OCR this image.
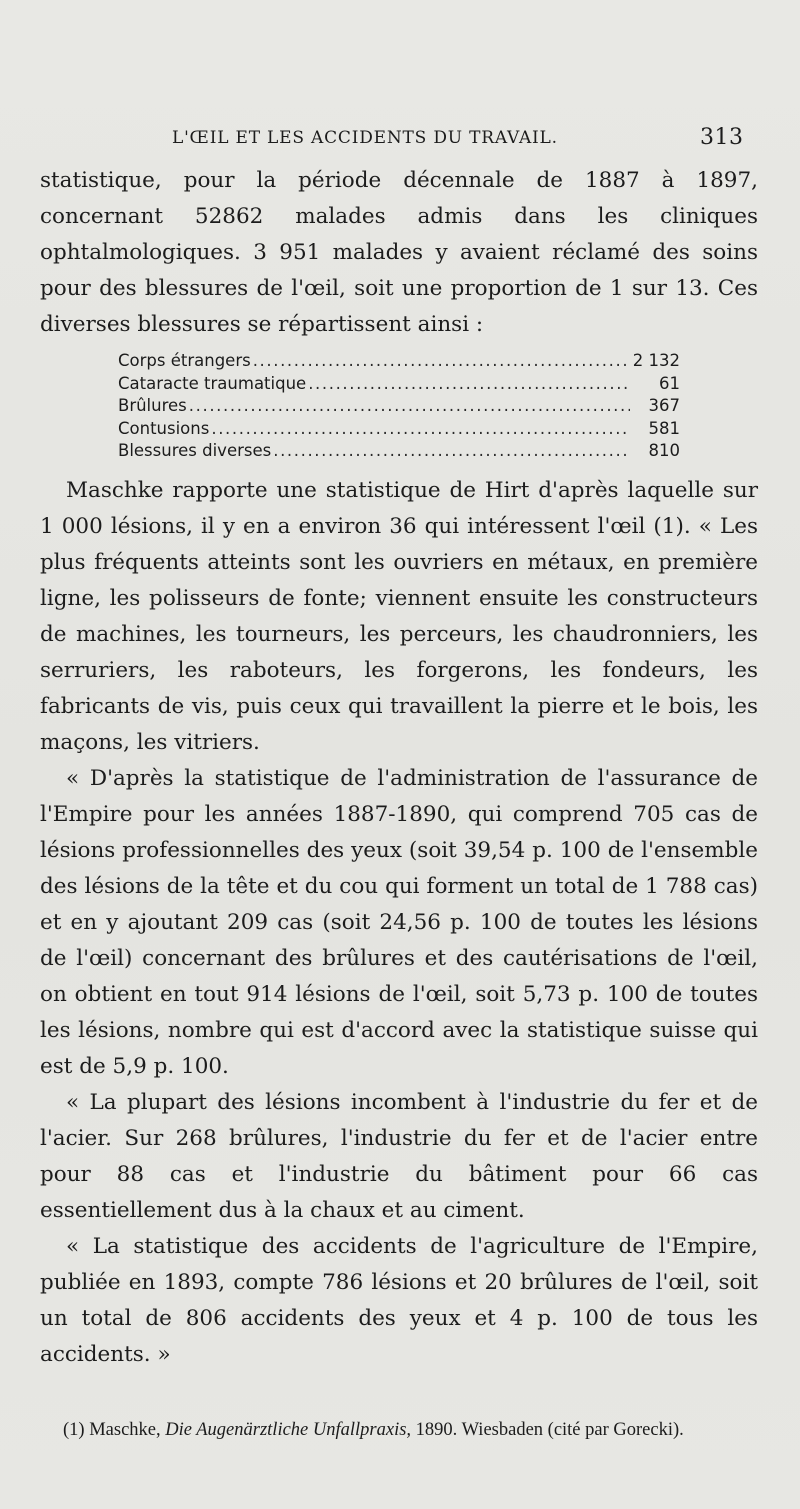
L'ŒIL ET LES ACCIDENTS DU TRAVAIL.	313

statistique, pour la période décennale de 1887 à 1897, concernant 52862 malades admis dans les cliniques ophtalmologiques. 3 951 malades y avaient réclamé des soins pour des blessures de l'œil, soit une proportion de 1 sur 13. Ces diverses blessures se répartissent ainsi :

Corps étrangers .....	2 132
Cataracte traumatique .....	61
Brûlures .....	367
Contusions .....	581
Blessures diverses .....	810

Maschke rapporte une statistique de Hirt d'après laquelle sur 1 000 lésions, il y en a environ 36 qui intéressent l'œil (1). « Les plus fréquents atteints sont les ouvriers en métaux, en première ligne, les polisseurs de fonte; viennent ensuite les constructeurs de machines, les tourneurs, les perceurs, les chaudronniers, les serruriers, les raboteurs, les forgerons, les fondeurs, les fabricants de vis, puis ceux qui travaillent la pierre et le bois, les maçons, les vitriers.

« D'après la statistique de l'administration de l'assurance de l'Empire pour les années 1887-1890, qui comprend 705 cas de lésions professionnelles des yeux (soit 39,54 p. 100 de l'ensemble des lésions de la tête et du cou qui forment un total de 1 788 cas) et en y ajoutant 209 cas (soit 24,56 p. 100 de toutes les lésions de l'œil) concernant des brûlures et des cautérisations de l'œil, on obtient en tout 914 lésions de l'œil, soit 5,73 p. 100 de toutes les lésions, nombre qui est d'accord avec la statistique suisse qui est de 5,9 p. 100.

« La plupart des lésions incombent à l'industrie du fer et de l'acier. Sur 268 brûlures, l'industrie du fer et de l'acier entre pour 88 cas et l'industrie du bâtiment pour 66 cas essentiellement dus à la chaux et au ciment.

« La statistique des accidents de l'agriculture de l'Empire, publiée en 1893, compte 786 lésions et 20 brûlures de l'œil, soit un total de 806 accidents des yeux et 4 p. 100 de tous les accidents. »

(1) Maschke, Die Augenärztliche Unfallpraxis, 1890. Wiesbaden (cité par Gorecki).
